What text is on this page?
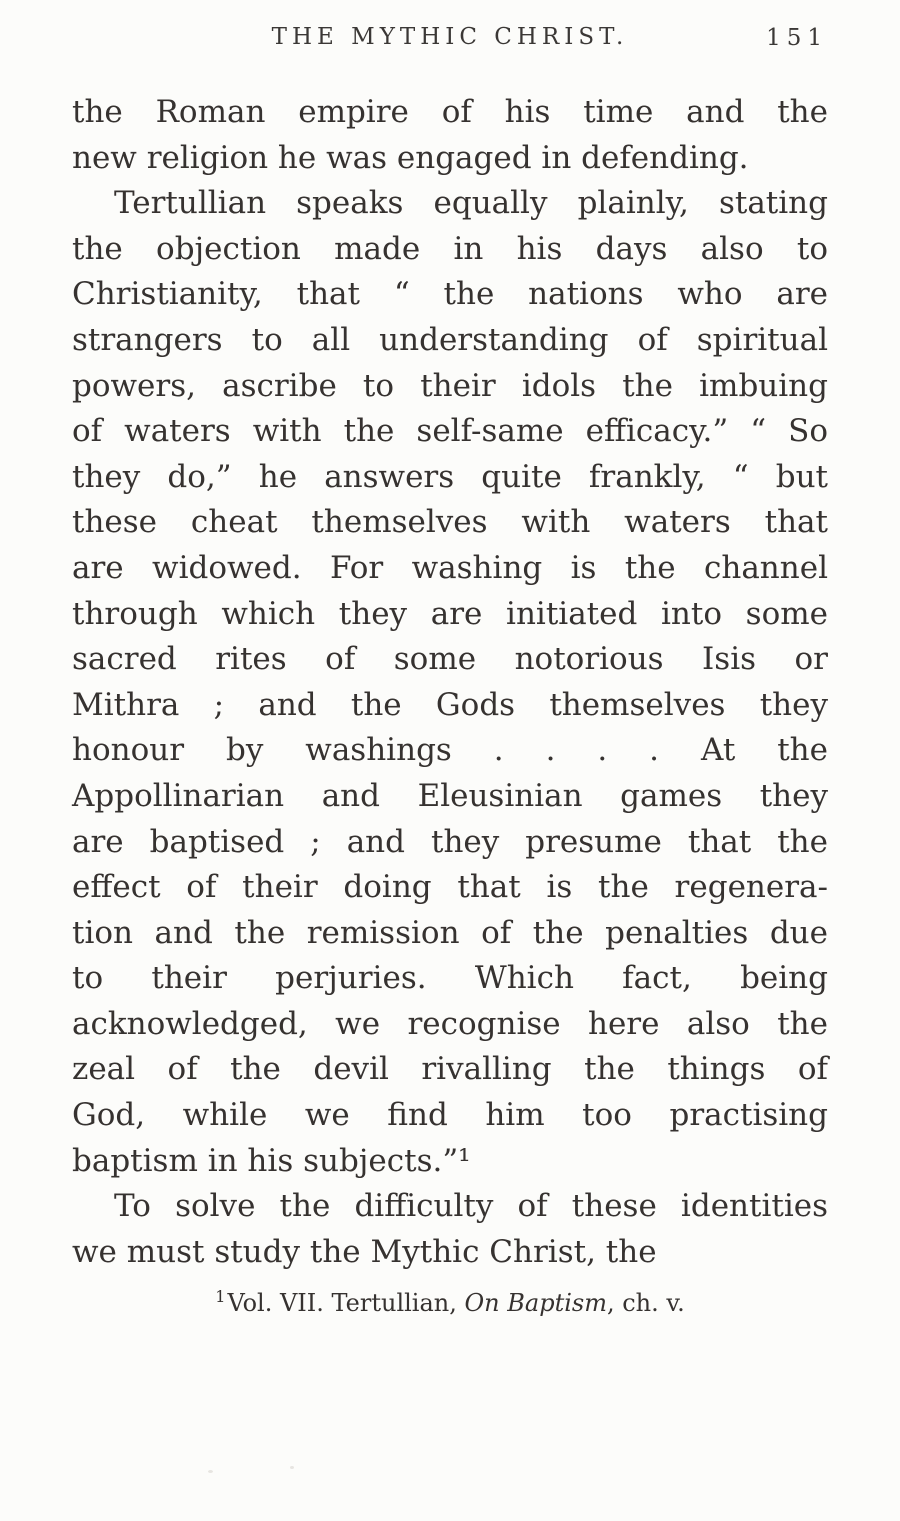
THE MYTHIC CHRIST.	151
the Roman empire of his time and the
new religion he was engaged in defending.
Tertullian speaks equally plainly, stating
the objection made in his days also to
Christianity, that “ the nations who are
strangers to all understanding of spiritual
powers, ascribe to their idols the imbuing
of waters with the self-same efficacy.” “ So
they do,” he answers quite frankly, “ but
these cheat themselves with waters that
are widowed. For washing is the channel
through which they are initiated into some
sacred rites of some notorious Isis or
Mithra ; and the Gods themselves they
honour by washings . . . . At the
Appollinarian and Eleusinian games they
are baptised ; and they presume that the
effect of their doing that is the regenera-
tion and the remission of the penalties due
to their perjuries. Which fact, being
acknowledged, we recognise here also the
zeal of the devil rivalling the things of
God, while we find him too practising
baptism in his subjects.”¹
To solve the difficulty of these identities
we must study the Mythic Christ, the
$^1$Vol. VII. Tertullian, On Baptism, ch. v.
